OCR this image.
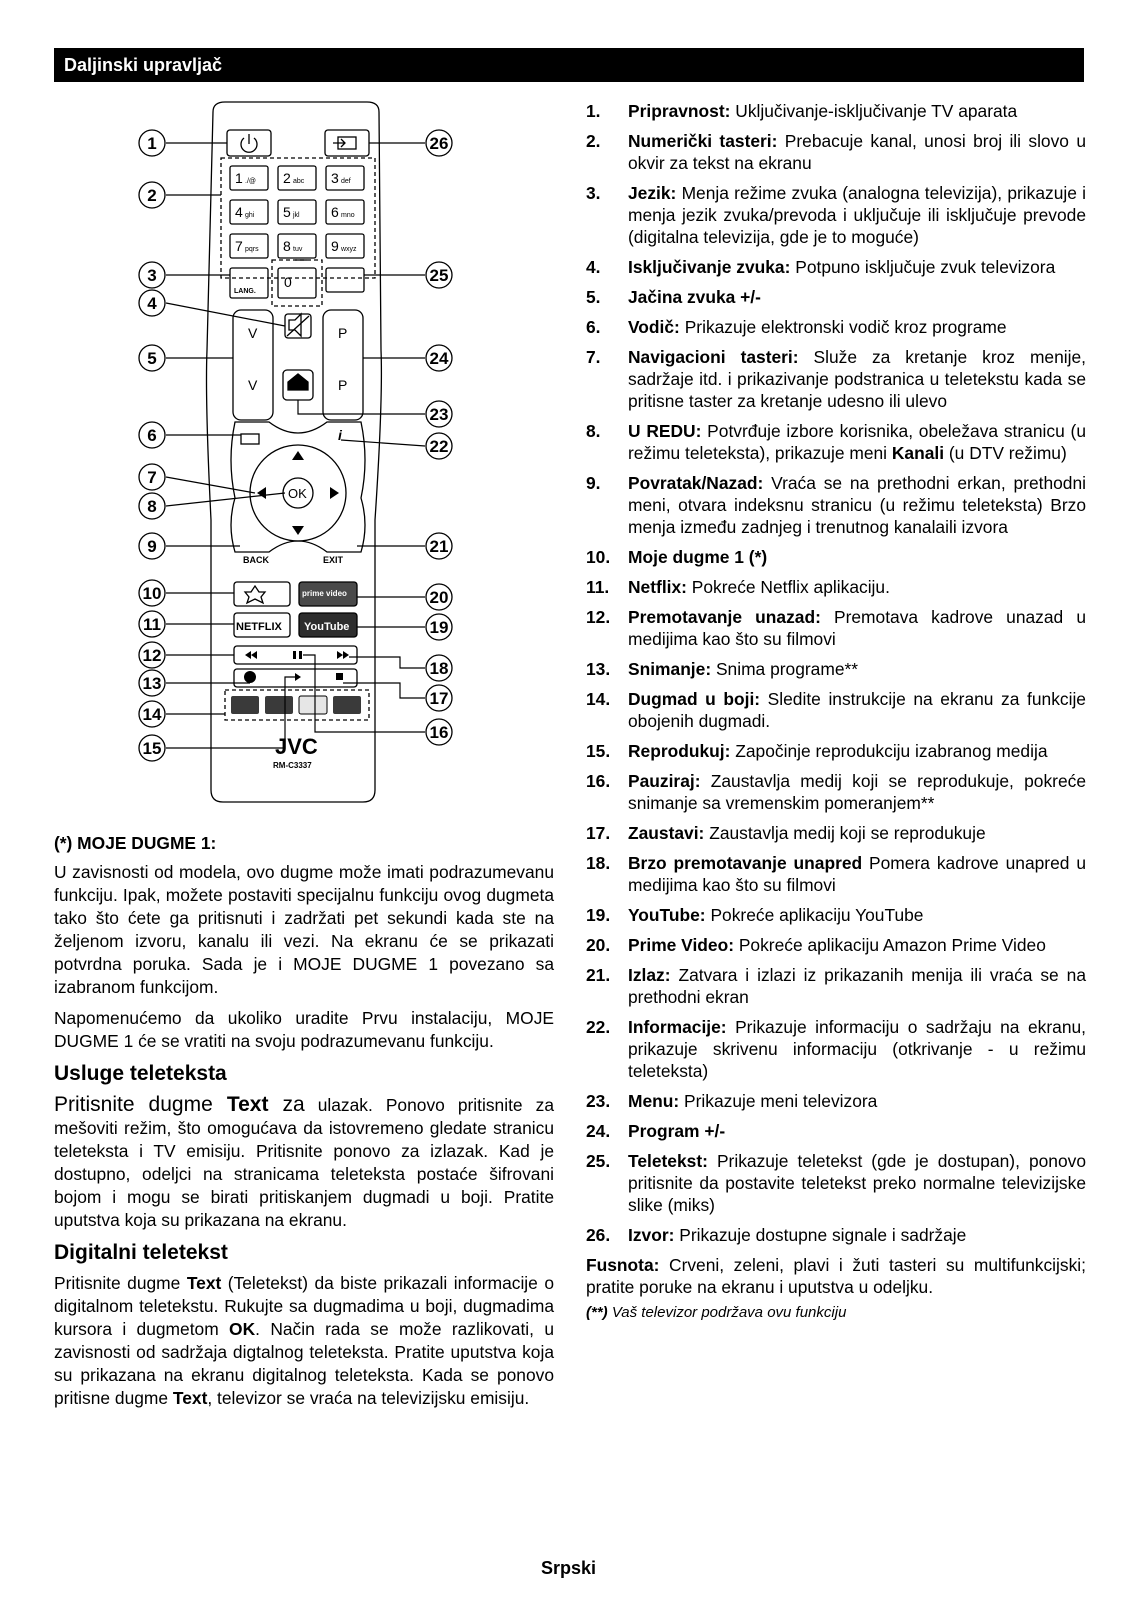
Daljinski upravljač
1 ./@ 2 abc 3 def
4 ghi 5 jkl 6 mno
7 pqrs 8 tuv 9 wxyz
0
LANG.
V
V
P
P
i
OK
BACK	EXIT
prime video
NETFLIX YouTube
JVC
RM-C3337
1
2
3
4
5
6
7
8
9
10
11
12
13
14
15
16
17
18
19
20
21
22
23
24
25
26
(*) MOJE DUGME 1:

U zavisnosti od modela, ovo dugme može imati podrazumevanu funkciju. Ipak, možete postaviti specijalnu funkciju ovog dugmeta tako što ćete ga pritisnuti i zadržati pet sekundi kada ste na željenom izvoru, kanalu ili vezi. Na ekranu će se prikazati potvrdna poruka. Sada je i MOJE DUGME 1 povezano sa izabranom funkcijom.

Napomenućemo da ukoliko uradite Prvu instalaciju, MOJE DUGME 1 će se vratiti na svoju podrazumevanu funkciju.

Usluge teleteksta

Pritisnite dugme Text za ulazak. Ponovo pritisnite za mešoviti režim, što omogućava da istovremeno gledate stranicu teleteksta i TV emisiju. Pritisnite ponovo za izlazak. Kad je dostupno, odeljci na stranicama teleteksta postaće šifrovani bojom i mogu se birati pritiskanjem dugmadi u boji. Pratite uputstva koja su prikazana na ekranu.

Digitalni teletekst

Pritisnite dugme Text (Teletekst) da biste prikazali informacije o digitalnom teletekstu. Rukujte sa dugmadima u boji, dugmadima kursora i dugmetom OK. Način rada se može razlikovati, u zavisnosti od sadržaja digtalnog teleteksta. Pratite uputstva koja su prikazana na ekranu digitalnog teleteksta. Kada se ponovo pritisne dugme Text, televizor se vraća na televizijsku emisiju.

1.	Pripravnost: Uključivanje-isključivanje TV aparata
2.	Numerički tasteri: Prebacuje kanal, unosi broj ili slovo u okvir za tekst na ekranu
3.	Jezik: Menja režime zvuka (analogna televizija), prikazuje i menja jezik zvuka/prevoda i uključuje ili isključuje prevode (digitalna televizija, gde je to moguće)
4.	Isključivanje zvuka: Potpuno isključuje zvuk televizora
5.	Jačina zvuka +/-
6.	Vodič: Prikazuje elektronski vodič kroz programe
7.	Navigacioni tasteri: Služe za kretanje kroz menije, sadržaje itd. i prikazivanje podstranica u teletekstu kada se pritisne taster za kretanje udesno ili ulevo
8.	U REDU: Potvrđuje izbore korisnika, obeležava stranicu (u režimu teleteksta), prikazuje meni Kanali (u DTV režimu)
9.	Povratak/Nazad: Vraća se na prethodni erkan, prethodni meni, otvara indeksnu stranicu (u režimu teleteksta) Brzo menja između zadnjeg i trenutnog kanalaili izvora
10.	Moje dugme 1 (*)
11.	Netflix: Pokreće Netflix aplikaciju.
12.	Premotavanje unazad: Premotava kadrove unazad u medijima kao što su filmovi
13.	Snimanje: Snima programe**
14.	Dugmad u boji: Sledite instrukcije na ekranu za funkcije obojenih dugmadi.
15.	Reprodukuj: Započinje reprodukciju izabranog medija
16.	Pauziraj: Zaustavlja medij koji se reprodukuje, pokreće snimanje sa vremenskim pomeranjem**
17.	Zaustavi: Zaustavlja medij koji se reprodukuje
18.	Brzo premotavanje unapred Pomera kadrove unapred u medijima kao što su filmovi
19.	YouTube: Pokreće aplikaciju YouTube
20.	Prime Video: Pokreće aplikaciju Amazon Prime Video
21.	Izlaz: Zatvara i izlazi iz prikazanih menija ili vraća se na prethodni ekran
22.	Informacije: Prikazuje informaciju o sadržaju na ekranu, prikazuje skrivenu informaciju (otkrivanje - u režimu teleteksta)
23.	Menu: Prikazuje meni televizora
24.	Program +/-
25.	Teletekst: Prikazuje teletekst (gde je dostupan), ponovo pritisnite da postavite teletekst preko normalne televizijske slike (miks)
26.	Izvor: Prikazuje dostupne signale i sadržaje
Fusnota: Crveni, zeleni, plavi i žuti tasteri su multifunkcijski; pratite poruke na ekranu i uputstva u odeljku.
(**) Vaš televizor podržava ovu funkciju
Srpski
